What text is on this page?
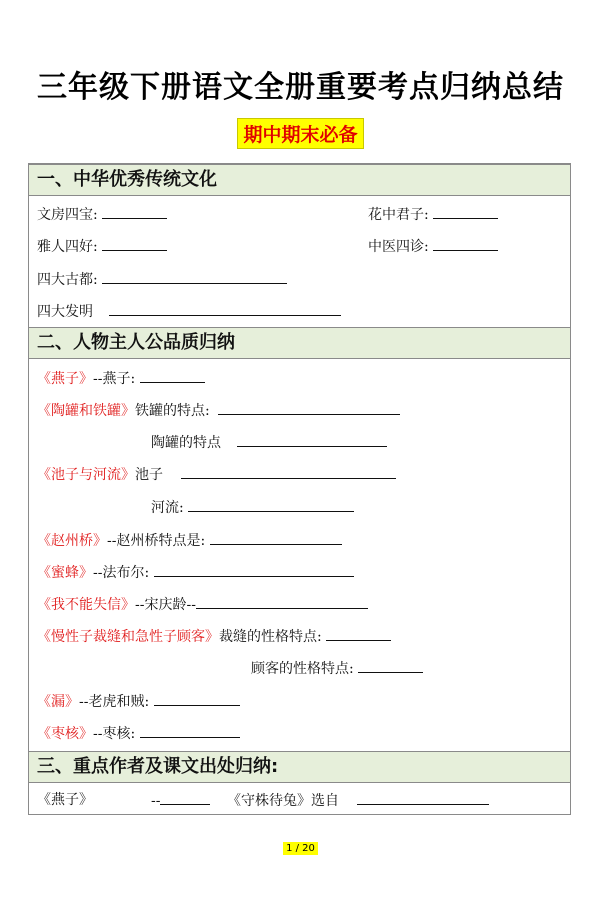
三年级下册语文全册重要考点归纳总结
期中期末必备
一、中华优秀传统文化
文房四宝:	花中君子:
雅人四好:	中医四诊:
四大古都:
四大发明
二、人物主人公品质归纳
《燕子》--燕子:
《陶罐和铁罐》铁罐的特点:
陶罐的特点
《池子与河流》池子
河流:
《赵州桥》--赵州桥特点是:
《蜜蜂》--法布尔:
《我不能失信》--宋庆龄--
《慢性子裁缝和急性子顾客》裁缝的性格特点:
顾客的性格特点:
《漏》--老虎和贼:
《枣核》--枣核:
三、重点作者及课文出处归纳:
《燕子》	--	《守株待兔》选自
1 / 20
